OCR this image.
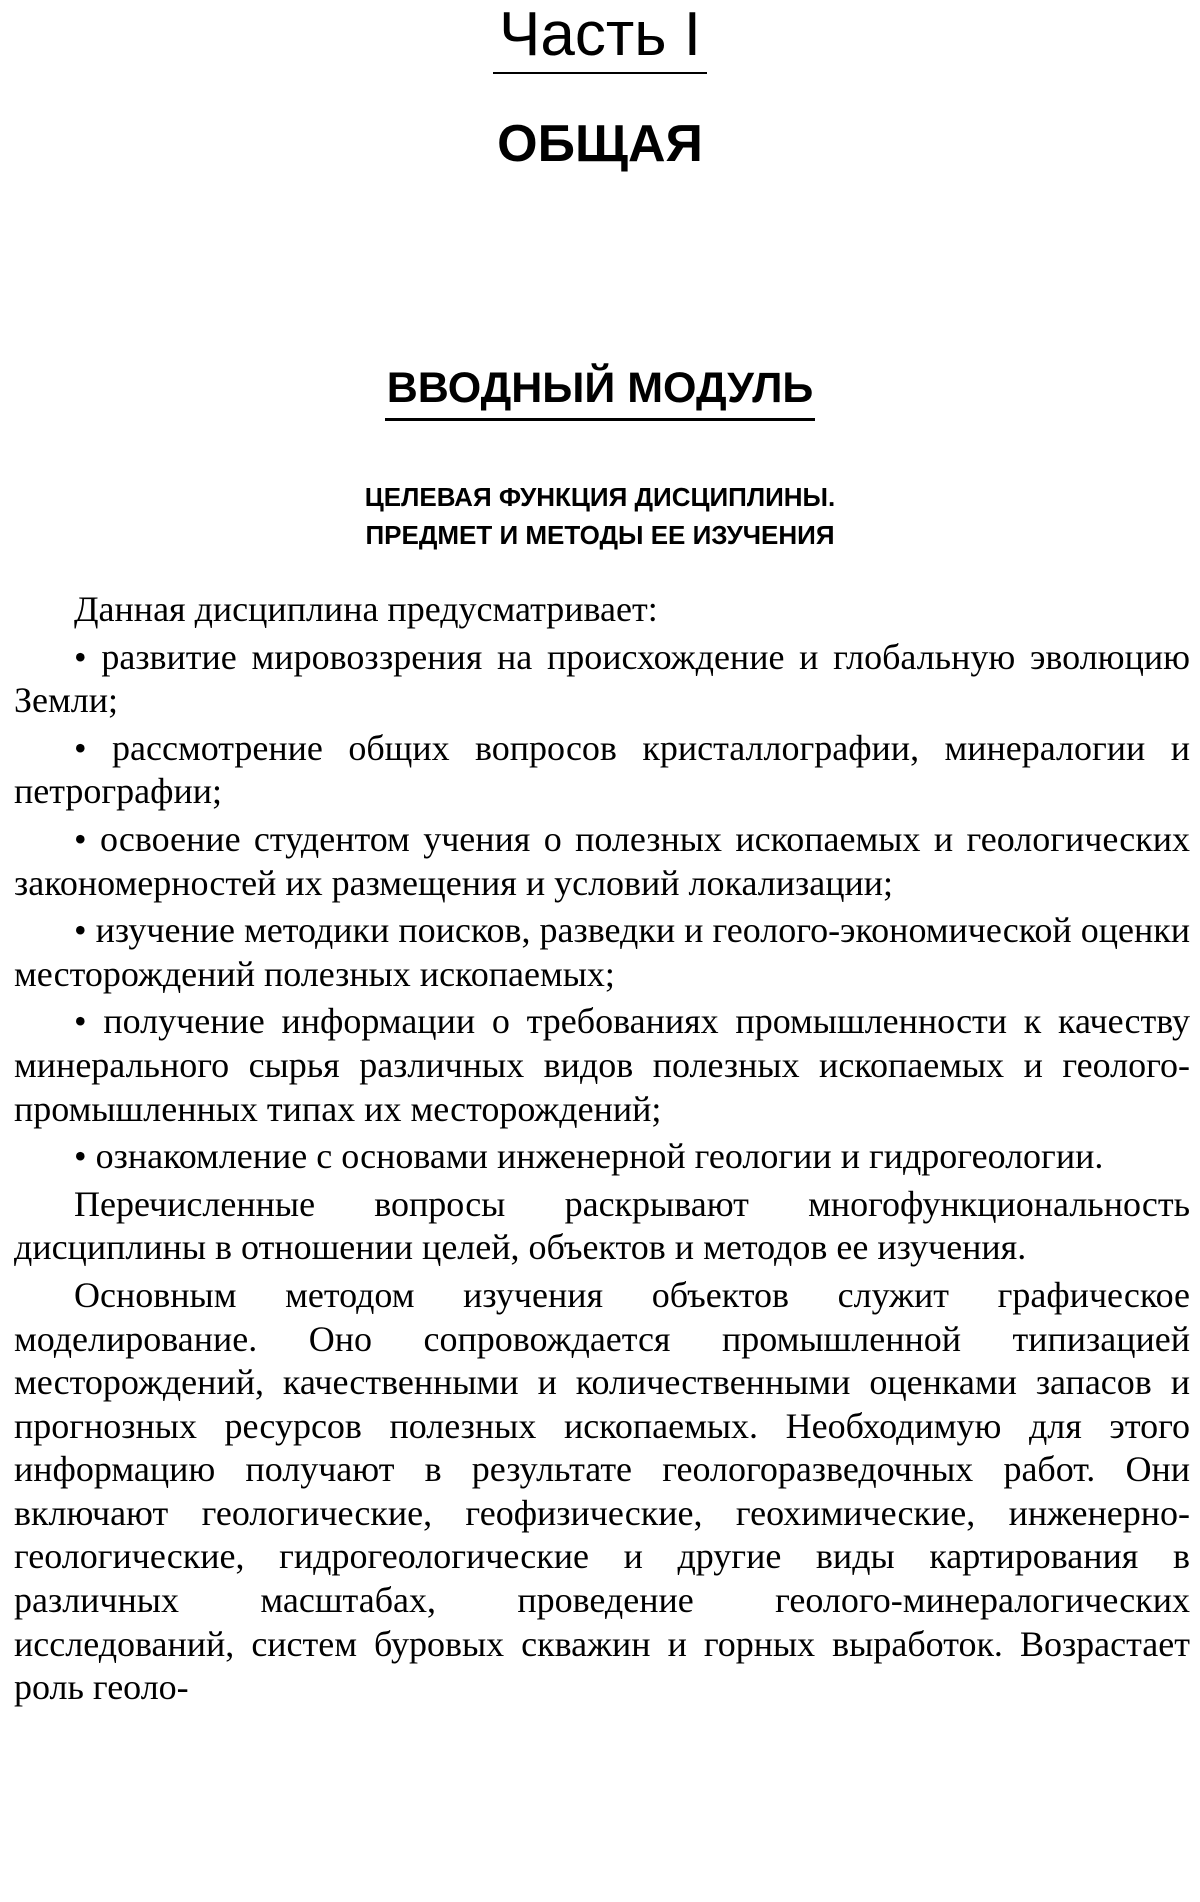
Часть I
ОБЩАЯ
ВВОДНЫЙ МОДУЛЬ
ЦЕЛЕВАЯ ФУНКЦИЯ ДИСЦИПЛИНЫ.
ПРЕДМЕТ И МЕТОДЫ ЕЕ ИЗУЧЕНИЯ

Данная дисциплина предусматривает:

• развитие мировоззрения на происхождение и глобальную эволюцию Земли;

• рассмотрение общих вопросов кристаллографии, минералогии и петрографии;

• освоение студентом учения о полезных ископаемых и геологических закономерностей их размещения и условий локализации;

• изучение методики поисков, разведки и геолого-экономической оценки месторождений полезных ископаемых;

• получение информации о требованиях промышленности к качеству минерального сырья различных видов полезных ископаемых и геолого-промышленных типах их месторождений;

• ознакомление с основами инженерной геологии и гидрогеологии.

Перечисленные вопросы раскрывают многофункциональность дисциплины в отношении целей, объектов и методов ее изучения.

Основным методом изучения объектов служит графическое моделирование. Оно сопровождается промышленной типизацией месторождений, качественными и количественными оценками запасов и прогнозных ресурсов полезных ископаемых. Необходимую для этого информацию получают в результате геологоразведочных работ. Они включают геологические, геофизические, геохимические, инженерно-геологические, гидрогеологические и другие виды картирования в различных масштабах, проведение геолого-минералогических исследований, систем буровых скважин и горных выработок. Возрастает роль геоло-
